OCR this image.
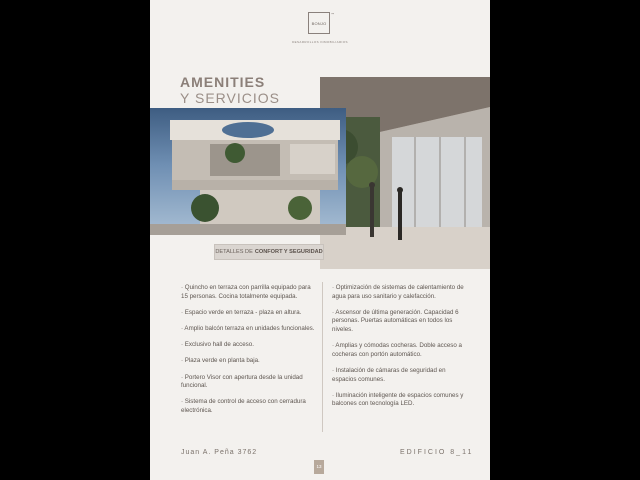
BONJO
™
DESARROLLOS INMOBILIARIOS
AMENITIES
Y SERVICIOS
DETALLES DE CONFORT Y SEGURIDAD

· Quincho en terraza con parrilla equipado para 15 personas. Cocina totalmente equipada.

· Espacio verde en terraza - plaza en altura.

· Amplio balcón terraza en unidades funcionales.

· Exclusivo hall de acceso.

· Plaza verde en planta baja.

· Portero Visor con apertura desde la unidad funcional.

· Sistema de control de acceso con cerradura electrónica.

· Optimización de sistemas de calentamiento de agua para uso sanitario y calefacción.

· Ascensor de última generación. Capacidad 6 personas. Puertas automáticas en todos los niveles.

· Amplias y cómodas cocheras. Doble acceso a cocheras con portón automático.

· Instalación de cámaras de seguridad en espacios comunes.

· Iluminación inteligente de espacios comunes y balcones con tecnología LED.

Juan A. Peña 3762	EDIFICIO 8_11
13
